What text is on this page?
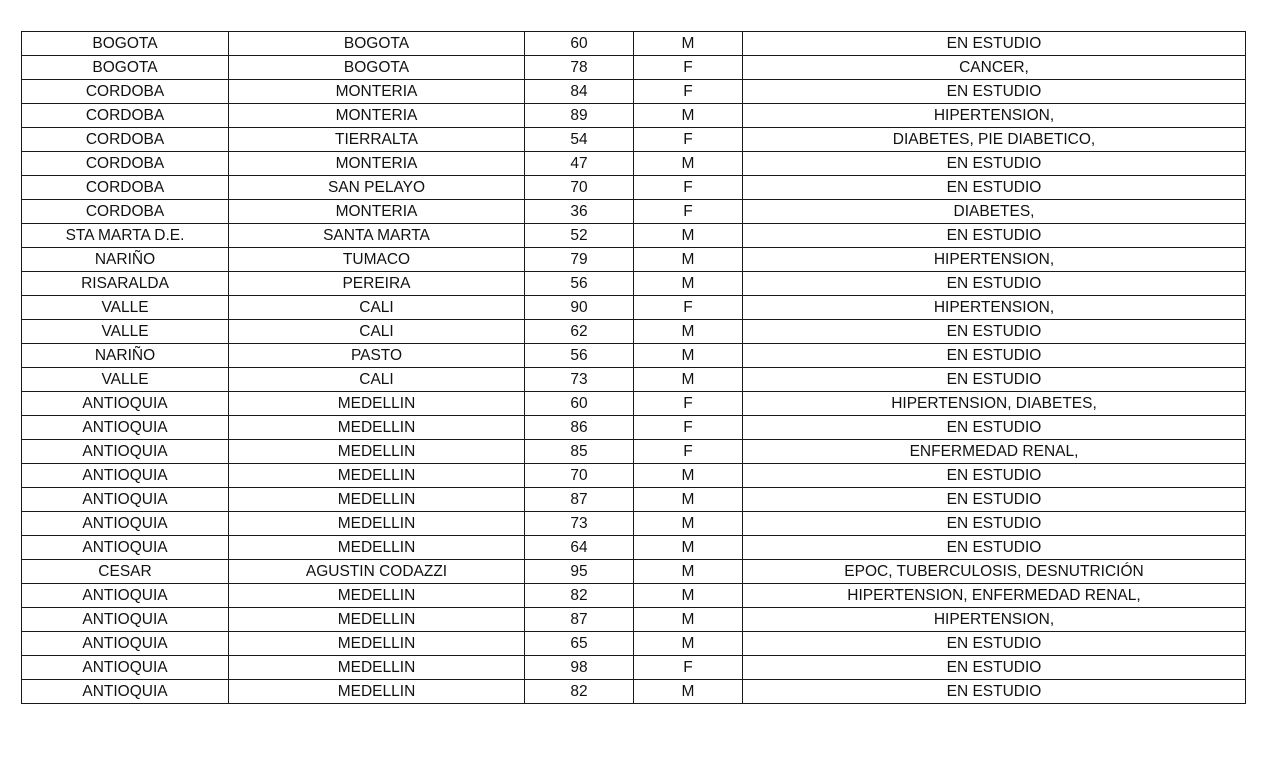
BOGOTA	BOGOTA	60	M	EN ESTUDIO
BOGOTA	BOGOTA	78	F	CANCER,
CORDOBA	MONTERIA	84	F	EN ESTUDIO
CORDOBA	MONTERIA	89	M	HIPERTENSION,
CORDOBA	TIERRALTA	54	F	DIABETES, PIE DIABETICO,
CORDOBA	MONTERIA	47	M	EN ESTUDIO
CORDOBA	SAN PELAYO	70	F	EN ESTUDIO
CORDOBA	MONTERIA	36	F	DIABETES,
STA MARTA D.E.	SANTA MARTA	52	M	EN ESTUDIO
NARIÑO	TUMACO	79	M	HIPERTENSION,
RISARALDA	PEREIRA	56	M	EN ESTUDIO
VALLE	CALI	90	F	HIPERTENSION,
VALLE	CALI	62	M	EN ESTUDIO
NARIÑO	PASTO	56	M	EN ESTUDIO
VALLE	CALI	73	M	EN ESTUDIO
ANTIOQUIA	MEDELLIN	60	F	HIPERTENSION, DIABETES,
ANTIOQUIA	MEDELLIN	86	F	EN ESTUDIO
ANTIOQUIA	MEDELLIN	85	F	ENFERMEDAD RENAL,
ANTIOQUIA	MEDELLIN	70	M	EN ESTUDIO
ANTIOQUIA	MEDELLIN	87	M	EN ESTUDIO
ANTIOQUIA	MEDELLIN	73	M	EN ESTUDIO
ANTIOQUIA	MEDELLIN	64	M	EN ESTUDIO
CESAR	AGUSTIN CODAZZI	95	M	EPOC, TUBERCULOSIS, DESNUTRICIÓN
ANTIOQUIA	MEDELLIN	82	M	HIPERTENSION, ENFERMEDAD RENAL,
ANTIOQUIA	MEDELLIN	87	M	HIPERTENSION,
ANTIOQUIA	MEDELLIN	65	M	EN ESTUDIO
ANTIOQUIA	MEDELLIN	98	F	EN ESTUDIO
ANTIOQUIA	MEDELLIN	82	M	EN ESTUDIO
